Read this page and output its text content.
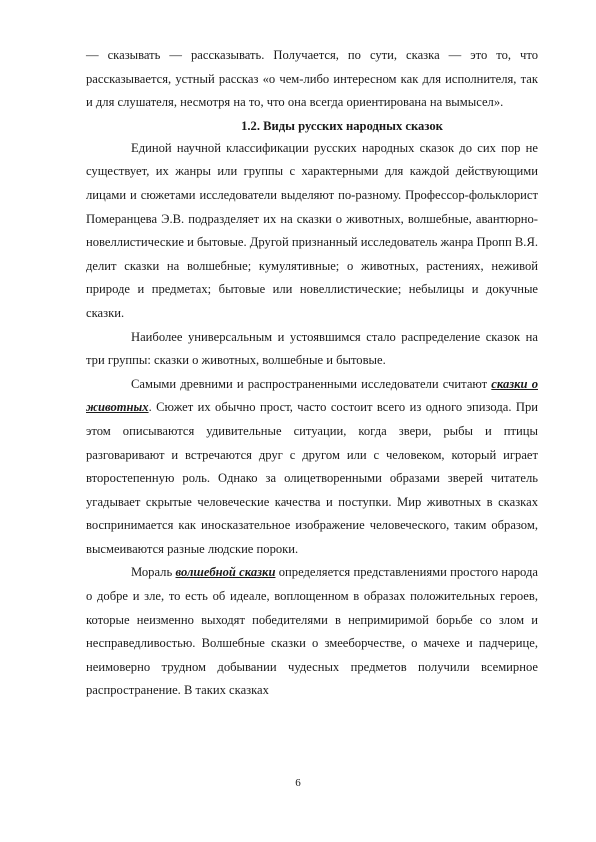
— сказывать — рассказывать. Получается, по сути, сказка — это то, что рассказывается, устный рассказ «о чем-либо интересном как для исполнителя, так и для слушателя, несмотря на то, что она всегда ориентирована на вымысел».

1.2. Виды русских народных сказок

Единой научной классификации русских народных сказок до сих пор не существует, их жанры или группы с характерными для каждой действующими лицами и сюжетами исследователи выделяют по-разному. Профессор-фольклорист Померанцева Э.В. подразделяет их на сказки о животных, волшебные, авантюрно-новеллистические и бытовые. Другой признанный исследователь жанра Пропп В.Я. делит сказки на волшебные; кумулятивные; о животных, растениях, неживой природе и предметах; бытовые или новеллистические; небылицы и докучные сказки.

Наиболее универсальным и устоявшимся стало распределение сказок на три группы: сказки о животных, волшебные и бытовые.

Самыми древними и распространенными исследователи считают сказки о животных. Сюжет их обычно прост, часто состоит всего из одного эпизода. При этом описываются удивительные ситуации, когда звери, рыбы и птицы разговаривают и встречаются друг с другом или с человеком, который играет второстепенную роль. Однако за олицетворенными образами зверей читатель угадывает скрытые человеческие качества и поступки. Мир животных в сказках воспринимается как иносказательное изображение человеческого, таким образом, высмеиваются разные людские пороки.

Мораль волшебной сказки определяется представлениями простого народа о добре и зле, то есть об идеале, воплощенном в образах положительных героев, которые неизменно выходят победителями в непримиримой борьбе со злом и несправедливостью. Волшебные сказки о змееборчестве, о мачехе и падчерице, неимоверно трудном добывании чудесных предметов получили всемирное распространение. В таких сказках

6
